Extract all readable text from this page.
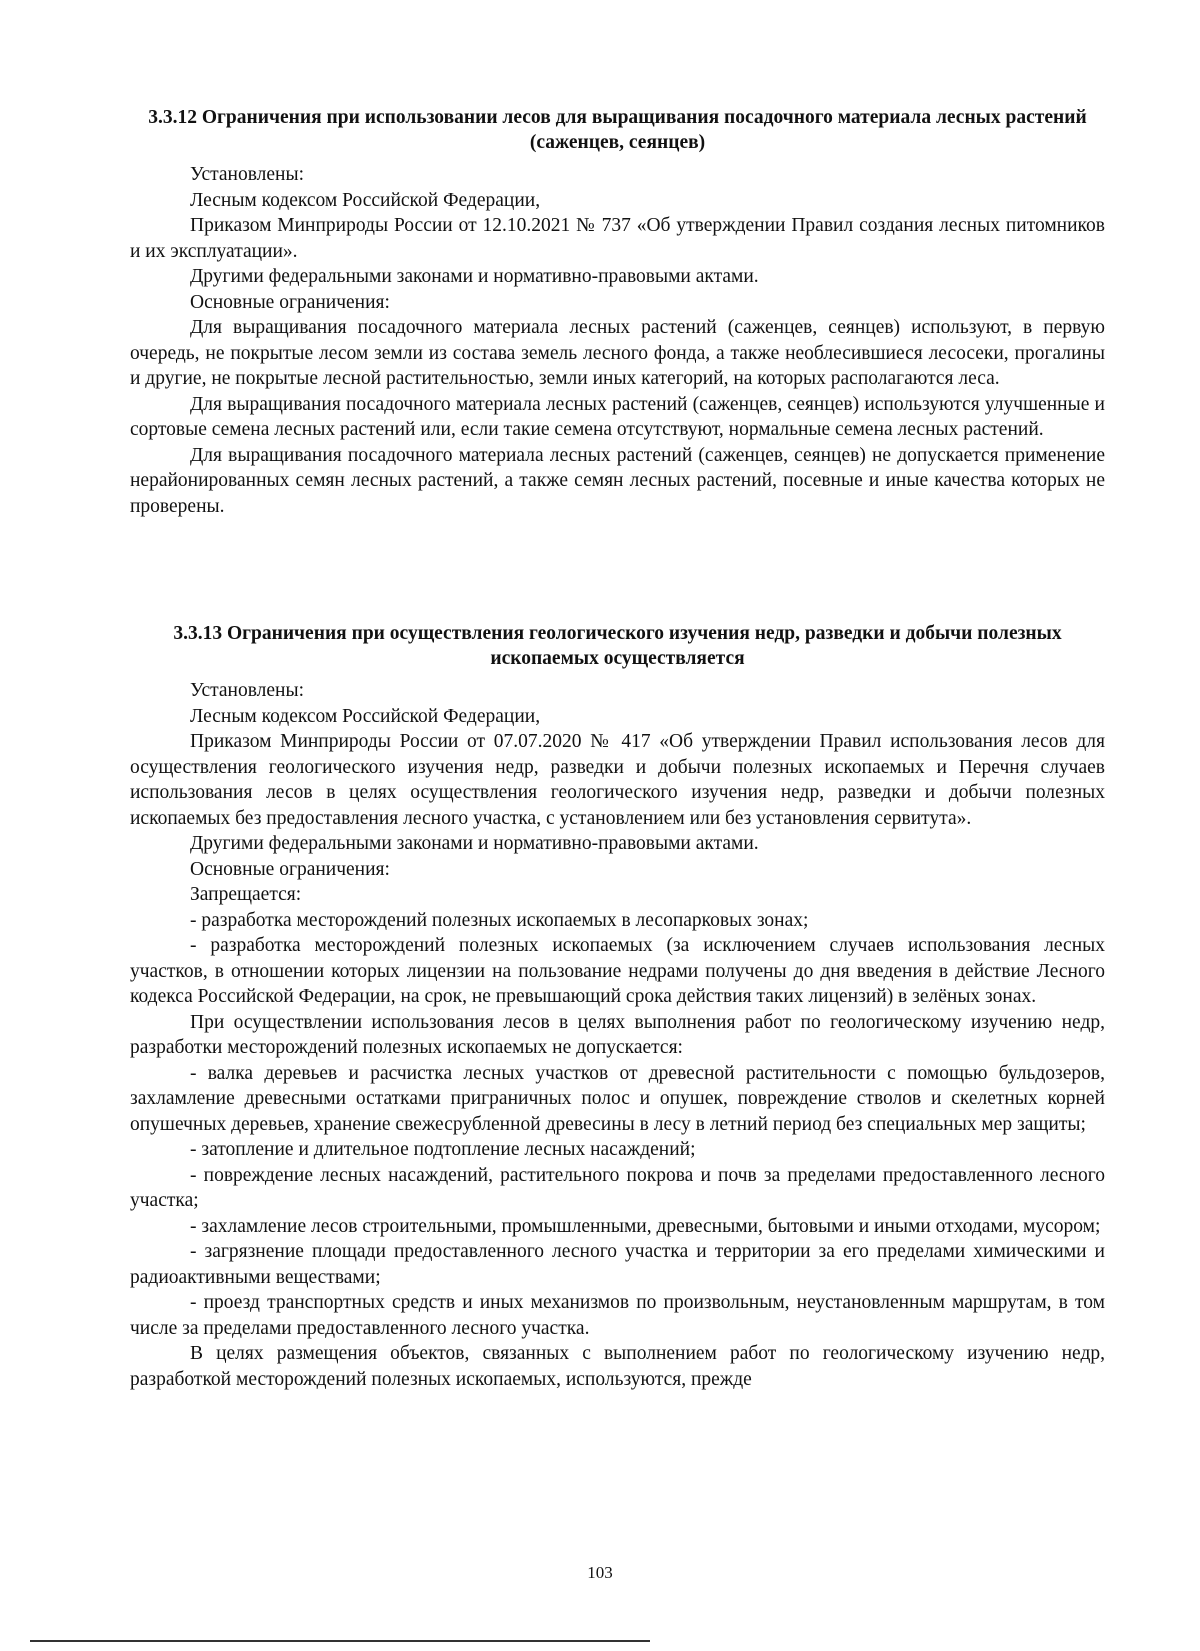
3.3.12 Ограничения при использовании лесов для выращивания посадочного материала лесных растений (саженцев, сеянцев)

Установлены:

Лесным кодексом Российской Федерации,

Приказом Минприроды России от 12.10.2021 № 737 «Об утверждении Правил создания лесных питомников и их эксплуатации».

Другими федеральными законами и нормативно-правовыми актами.

Основные ограничения:

Для выращивания посадочного материала лесных растений (саженцев, сеянцев) используют, в первую очередь, не покрытые лесом земли из состава земель лесного фонда, а также необлесившиеся лесосеки, прогалины и другие, не покрытые лесной растительностью, земли иных категорий, на которых располагаются леса.

Для выращивания посадочного материала лесных растений (саженцев, сеянцев) используются улучшенные и сортовые семена лесных растений или, если такие семена отсутствуют, нормальные семена лесных растений.

Для выращивания посадочного материала лесных растений (саженцев, сеянцев) не допускается применение нерайонированных семян лесных растений, а также семян лесных растений, посевные и иные качества которых не проверены.

3.3.13 Ограничения при осуществления геологического изучения недр, разведки и добычи полезных ископаемых осуществляется

Установлены:

Лесным кодексом Российской Федерации,

Приказом Минприроды России от 07.07.2020 № 417 «Об утверждении Правил использования лесов для осуществления геологического изучения недр, разведки и добычи полезных ископаемых и Перечня случаев использования лесов в целях осуществления геологического изучения недр, разведки и добычи полезных ископаемых без предоставления лесного участка, с установлением или без установления сервитута».

Другими федеральными законами и нормативно-правовыми актами.

Основные ограничения:

Запрещается:

- разработка месторождений полезных ископаемых в лесопарковых зонах;

- разработка месторождений полезных ископаемых (за исключением случаев использования лесных участков, в отношении которых лицензии на пользование недрами получены до дня введения в действие Лесного кодекса Российской Федерации, на срок, не превышающий срока действия таких лицензий) в зелёных зонах.

При осуществлении использования лесов в целях выполнения работ по геологическому изучению недр, разработки месторождений полезных ископаемых не допускается:

- валка деревьев и расчистка лесных участков от древесной растительности с помощью бульдозеров, захламление древесными остатками приграничных полос и опушек, повреждение стволов и скелетных корней опушечных деревьев, хранение свежесрубленной древесины в лесу в летний период без специальных мер защиты;

- затопление и длительное подтопление лесных насаждений;

- повреждение лесных насаждений, растительного покрова и почв за пределами предоставленного лесного участка;

- захламление лесов строительными, промышленными, древесными, бытовыми и иными отходами, мусором;

- загрязнение площади предоставленного лесного участка и территории за его пределами химическими и радиоактивными веществами;

- проезд транспортных средств и иных механизмов по произвольным, неустановленным маршрутам, в том числе за пределами предоставленного лесного участка.

В целях размещения объектов, связанных с выполнением работ по геологическому изучению недр, разработкой месторождений полезных ископаемых, используются, прежде

103
